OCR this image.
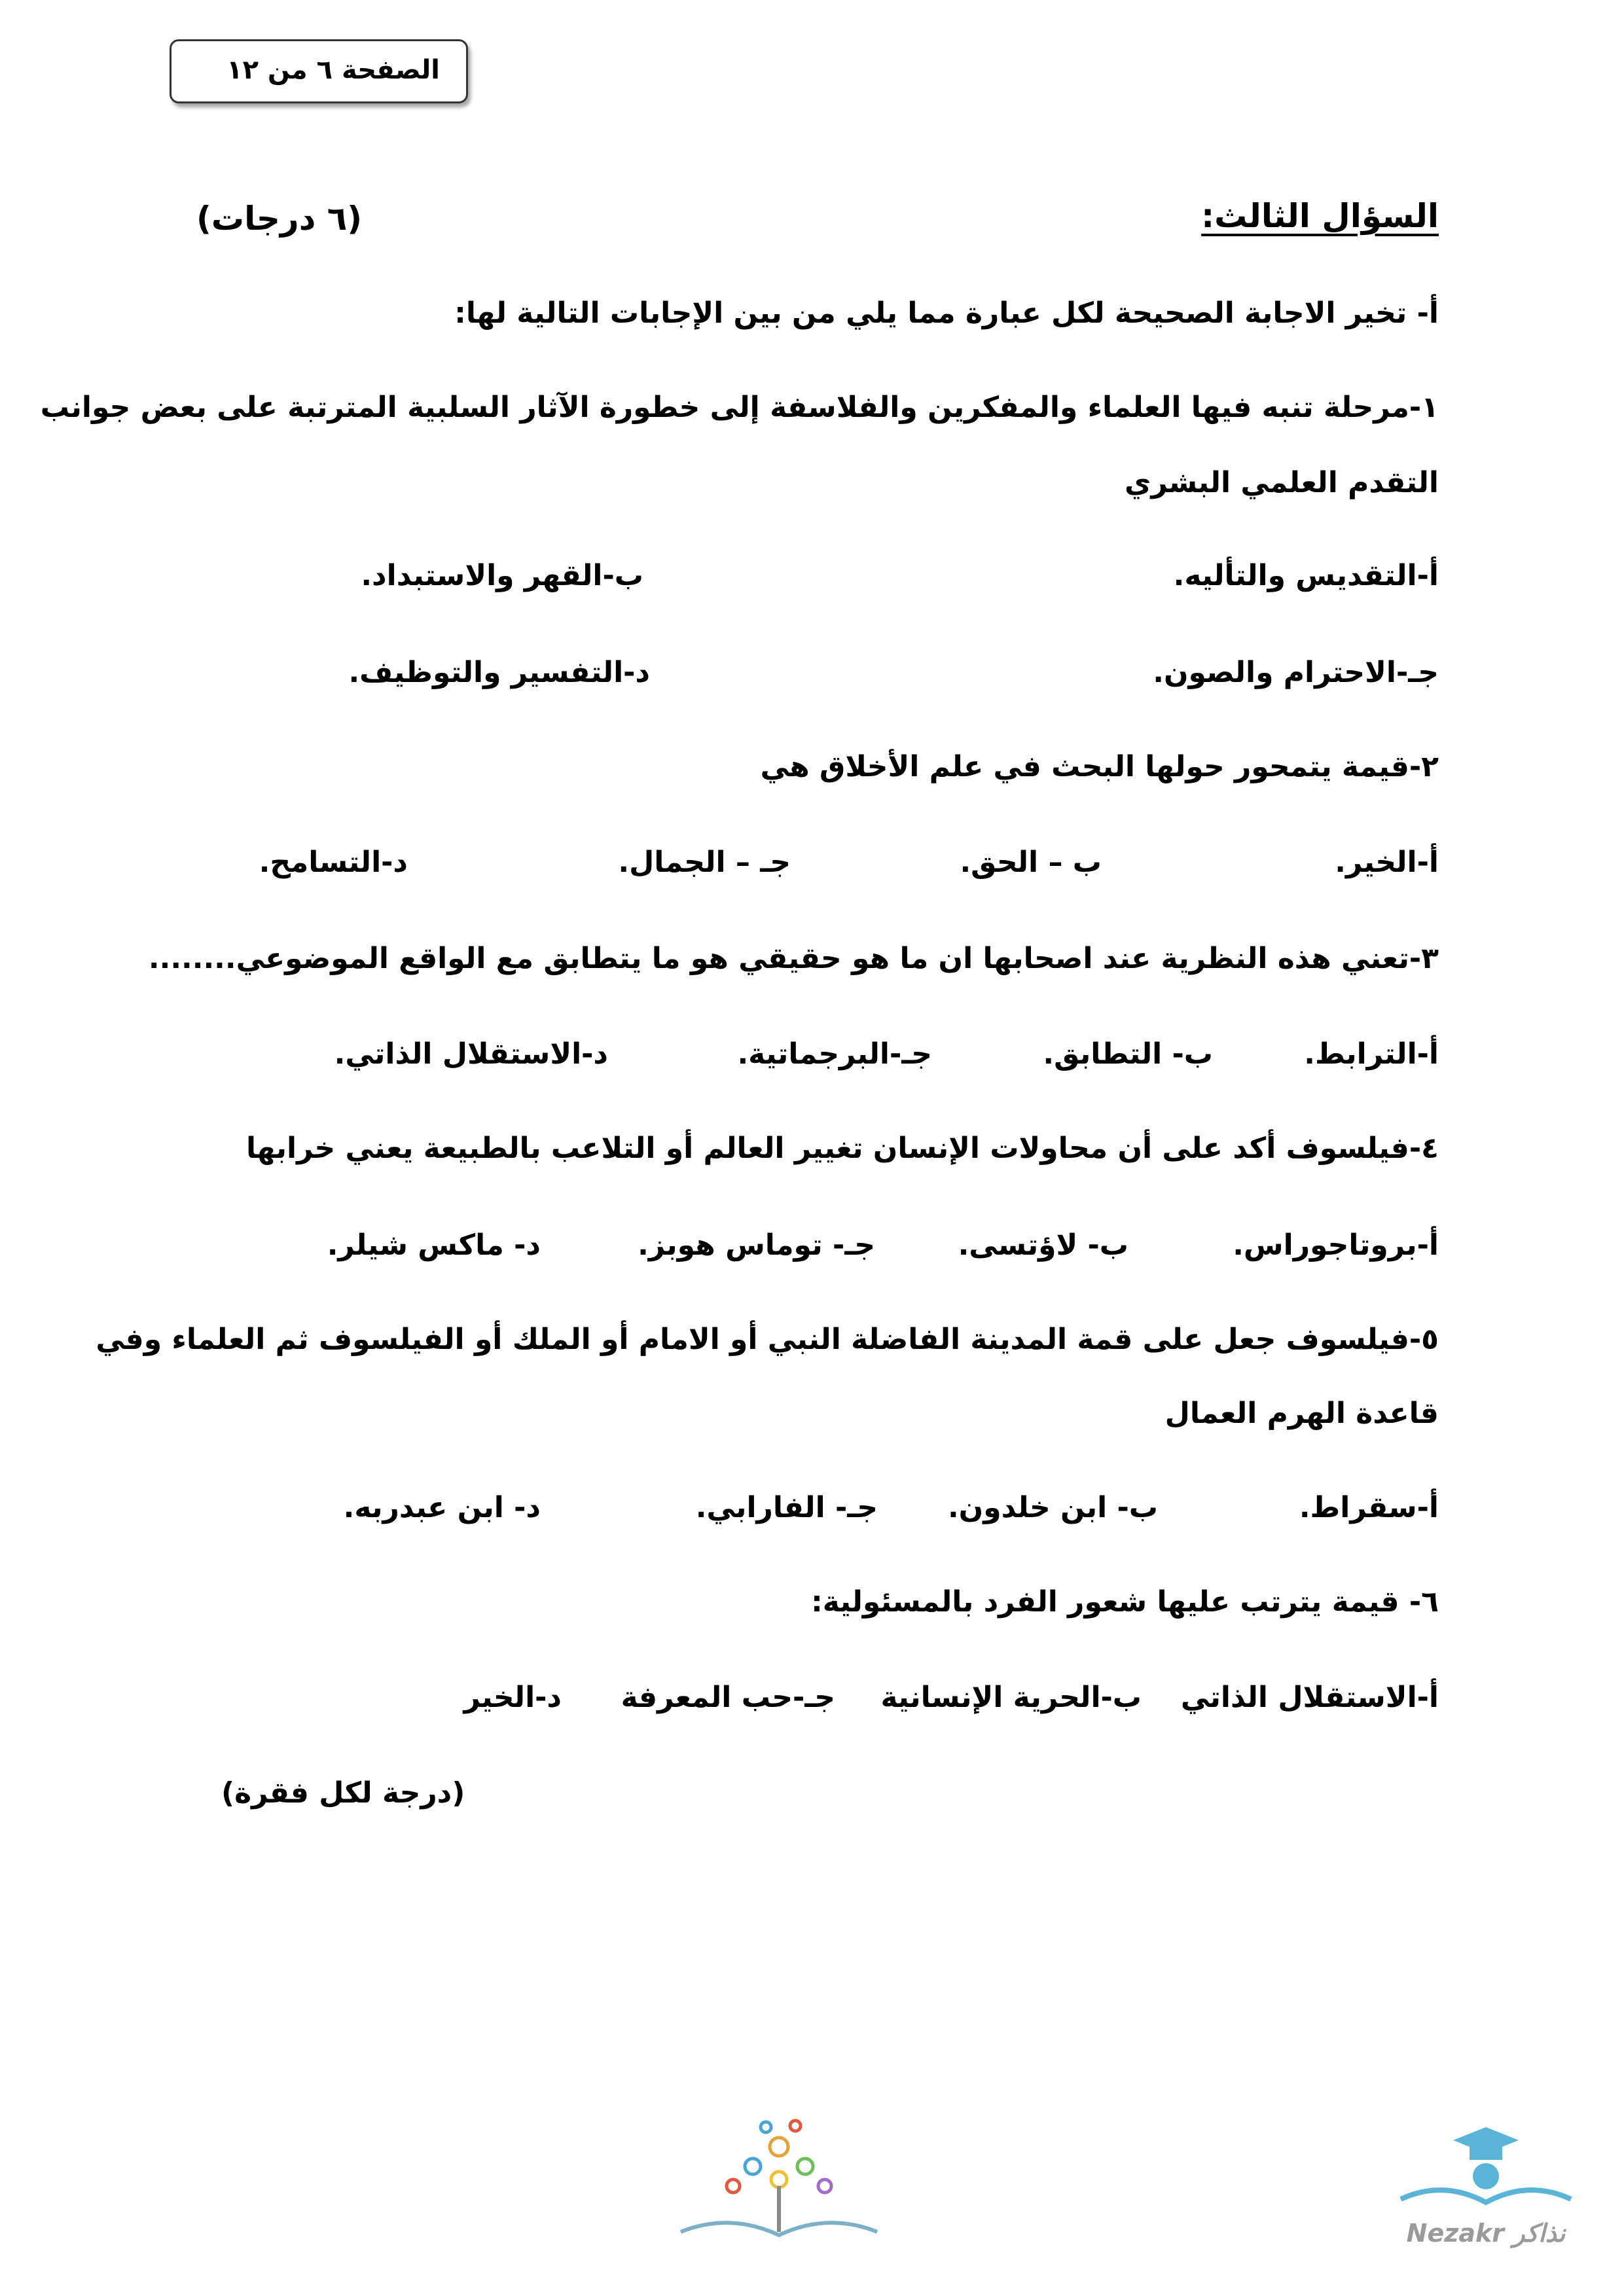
الصفحة ٦ من ١٢
السؤال الثالث:
(٦ درجات)
أ- تخير الاجابة الصحيحة لكل عبارة مما يلي من بين الإجابات التالية لها:
١-مرحلة تنبه فيها العلماء والمفكرين والفلاسفة إلى خطورة الآثار السلبية المترتبة على بعض جوانب
التقدم العلمي البشري
أ-التقديس والتأليه.
ب-القهر والاستبداد.
جـ-الاحترام والصون.
د-التفسير والتوظيف.
٢-قيمة يتمحور حولها البحث في علم الأخلاق هي
أ-الخير.
ب – الحق.
جـ – الجمال.
د-التسامح.
٣-تعني هذه النظرية عند اصحابها ان ما هو حقيقي هو ما يتطابق مع الواقع الموضوعي........
أ-الترابط.
ب- التطابق.
جـ-البرجماتية.
د-الاستقلال الذاتي.
٤-فيلسوف أكد على أن محاولات الإنسان تغيير العالم أو التلاعب بالطبيعة يعني خرابها
أ-بروتاجوراس.
ب- لاؤتسى.
جـ- توماس هوبز.
د- ماكس شيلر.
٥-فيلسوف جعل على قمة المدينة الفاضلة النبي أو الامام أو الملك أو الفيلسوف ثم العلماء وفي
قاعدة الهرم العمال
أ-سقراط.
ب- ابن خلدون.
جـ- الفارابي.
د- ابن عبدربه.
٦- قيمة يترتب عليها شعور الفرد بالمسئولية:
أ-الاستقلال الذاتي
ب-الحرية الإنسانية
جـ-حب المعرفة
د-الخير
(درجة لكل فقرة)
Nezakr نذاكر
